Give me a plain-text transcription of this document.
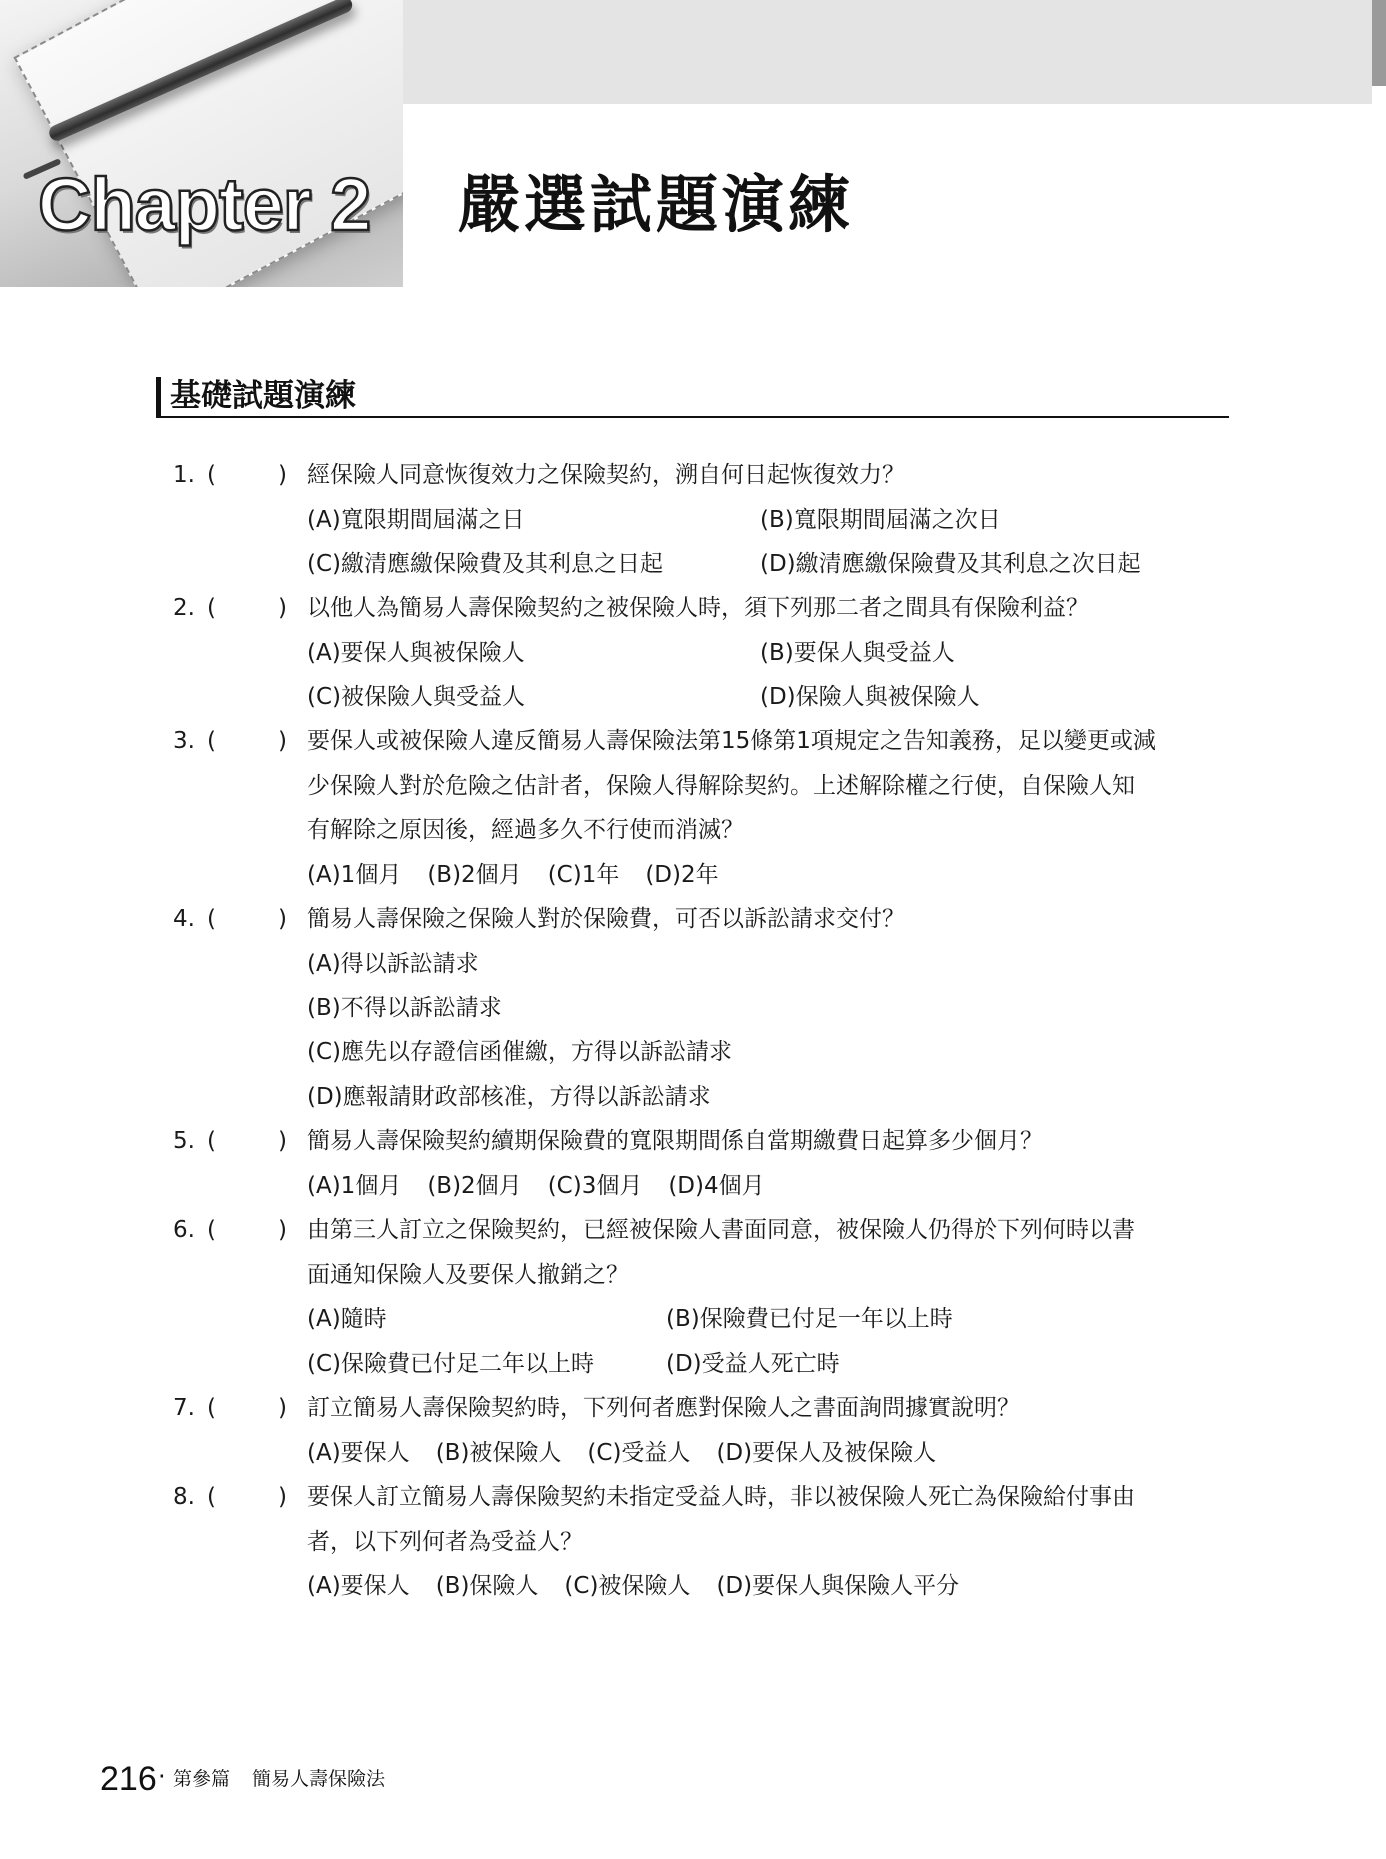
Chapter 2 嚴選試題演練
基礎試題演練
1. (	) 經保險人同意恢復效力之保險契約，溯自何日起恢復效力？
(A)寬限期間屆滿之日	(B)寬限期間屆滿之次日
(C)繳清應繳保險費及其利息之日起	(D)繳清應繳保險費及其利息之次日起
2. (	) 以他人為簡易人壽保險契約之被保險人時，須下列那二者之間具有保險利益？
(A)要保人與被保險人	(B)要保人與受益人
(C)被保險人與受益人	(D)保險人與被保險人
3. (	) 要保人或被保險人違反簡易人壽保險法第15條第1項規定之告知義務，足以變更或減
少保險人對於危險之估計者，保險人得解除契約。上述解除權之行使，自保險人知
有解除之原因後，經過多久不行使而消滅？
(A)1個月 (B)2個月 (C)1年 (D)2年
4. (	) 簡易人壽保險之保險人對於保險費，可否以訴訟請求交付？
(A)得以訴訟請求
(B)不得以訴訟請求
(C)應先以存證信函催繳，方得以訴訟請求
(D)應報請財政部核准，方得以訴訟請求
5. (	) 簡易人壽保險契約續期保險費的寬限期間係自當期繳費日起算多少個月？
(A)1個月 (B)2個月 (C)3個月 (D)4個月
6. (	) 由第三人訂立之保險契約，已經被保險人書面同意，被保險人仍得於下列何時以書
面通知保險人及要保人撤銷之？
(A)隨時	(B)保險費已付足一年以上時
(C)保險費已付足二年以上時	(D)受益人死亡時
7. (	) 訂立簡易人壽保險契約時，下列何者應對保險人之書面詢問據實說明？
(A)要保人 (B)被保險人 (C)受益人 (D)要保人及被保險人
8. (	) 要保人訂立簡易人壽保險契約未指定受益人時，非以被保險人死亡為保險給付事由
者，以下列何者為受益人？
(A)要保人 (B)保險人 (C)被保險人 (D)要保人與保險人平分
216 ‧ 第參篇 簡易人壽保險法
